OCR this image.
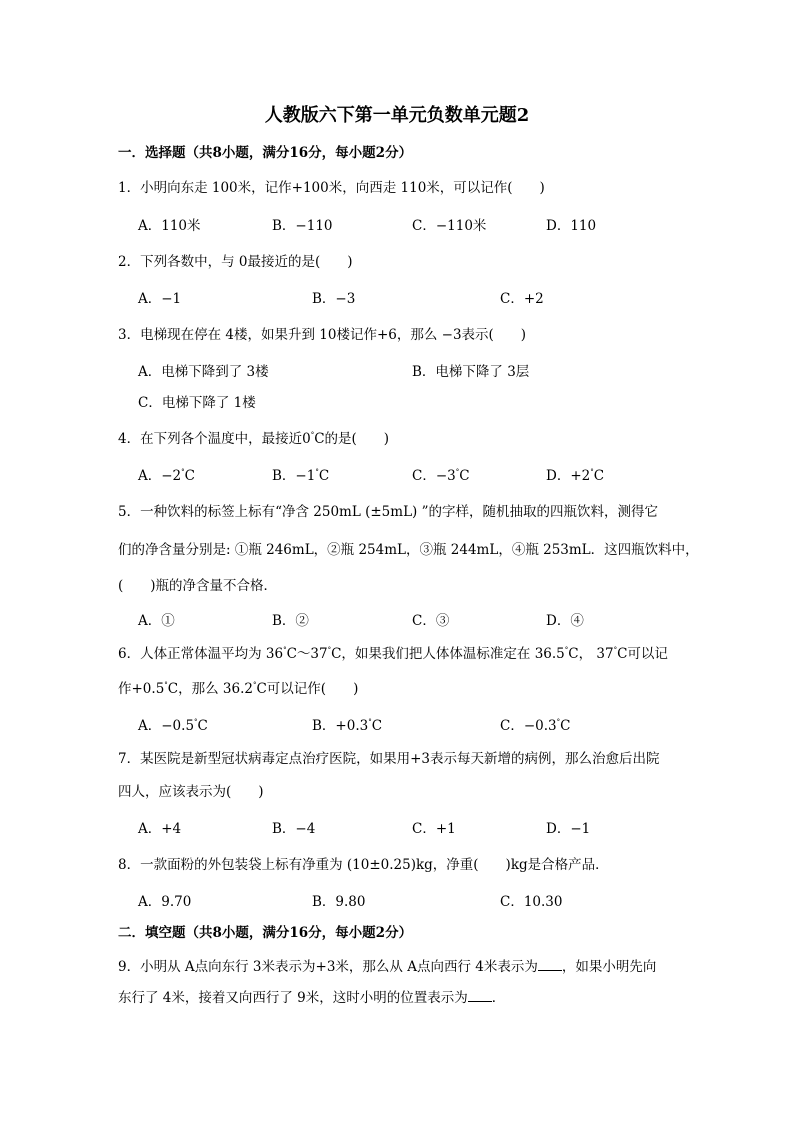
人教版六下第一单元负数单元题2
一．选择题（共8小题，满分16分，每小题2分）
1．小明向东走 100米，记作+100米，向西走 110米，可以记作(　　)
A．110米	B．−110	C．−110米	D．110
2．下列各数中，与 0最接近的是(　　)
A．−1	B．−3	C．+2
3．电梯现在停在 4楼，如果升到 10楼记作+6，那么 −3表示(　　)
A．电梯下降到了 3楼	B．电梯下降了 3层
C．电梯下降了 1楼
4．在下列各个温度中，最接近0°C的是(　　)
A．−2°C	B．−1°C	C．−3°C	D．+2°C
5．一种饮料的标签上标有“净含 250mL (±5mL) ”的字样，随机抽取的四瓶饮料，测得它
们的净含量分别是: ①瓶 246mL，②瓶 254mL，③瓶 244mL，④瓶 253mL．这四瓶饮料中，
(　　)瓶的净含量不合格．
A．①	B．②	C．③	D．④
6．人体正常体温平均为 36°C～37°C，如果我们把人体体温标准定在 36.5°C， 37°C可以记
作+0.5°C，那么 36.2°C可以记作(　　)
A．−0.5°C	B．+0.3°C	C．−0.3°C
7．某医院是新型冠状病毒定点治疗医院，如果用+3表示每天新增的病例，那么治愈后出院
四人，应该表示为(　　)
A．+4	B．−4	C．+1	D．−1
8．一款面粉的外包装袋上标有净重为 (10±0.25)kg，净重(　　)kg是合格产品．
A．9.70	B．9.80	C．10.30
二．填空题（共8小题，满分16分，每小题2分）
9．小明从 A点向东行 3米表示为+3米，那么从 A点向西行 4米表示为 ，如果小明先向
东行了 4米，接着又向西行了 9米，这时小明的位置表示为 ．
